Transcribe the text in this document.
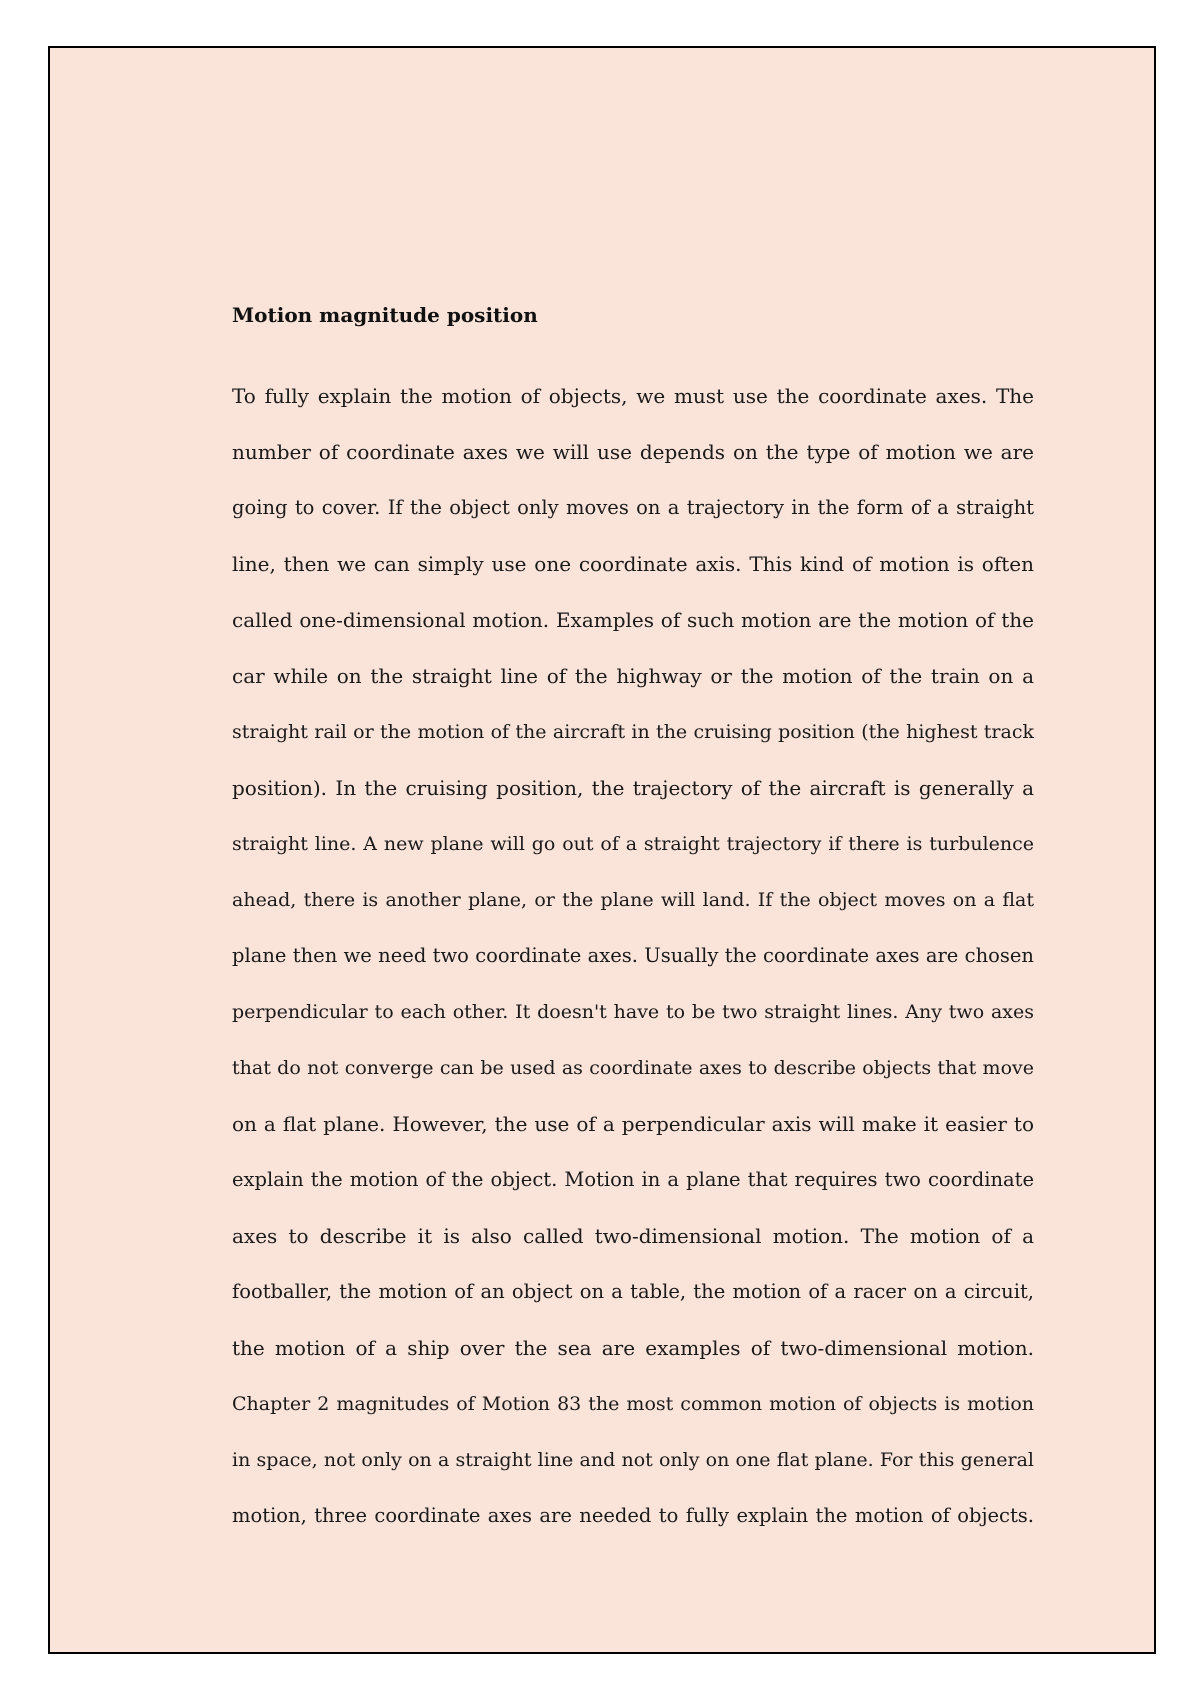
Motion magnitude position
To fully explain the motion of objects, we must use the coordinate axes. The
number of coordinate axes we will use depends on the type of motion we are
going to cover. If the object only moves on a trajectory in the form of a straight
line, then we can simply use one coordinate axis. This kind of motion is often
called one-dimensional motion. Examples of such motion are the motion of the
car while on the straight line of the highway or the motion of the train on a
straight rail or the motion of the aircraft in the cruising position (the highest track
position). In the cruising position, the trajectory of the aircraft is generally a
straight line. A new plane will go out of a straight trajectory if there is turbulence
ahead, there is another plane, or the plane will land. If the object moves on a flat
plane then we need two coordinate axes. Usually the coordinate axes are chosen
perpendicular to each other. It doesn't have to be two straight lines. Any two axes
that do not converge can be used as coordinate axes to describe objects that move
on a flat plane. However, the use of a perpendicular axis will make it easier to
explain the motion of the object. Motion in a plane that requires two coordinate
axes to describe it is also called two-dimensional motion. The motion of a
footballer, the motion of an object on a table, the motion of a racer on a circuit,
the motion of a ship over the sea are examples of two-dimensional motion.
Chapter 2 magnitudes of Motion 83 the most common motion of objects is motion
in space, not only on a straight line and not only on one flat plane. For this general
motion, three coordinate axes are needed to fully explain the motion of objects.
